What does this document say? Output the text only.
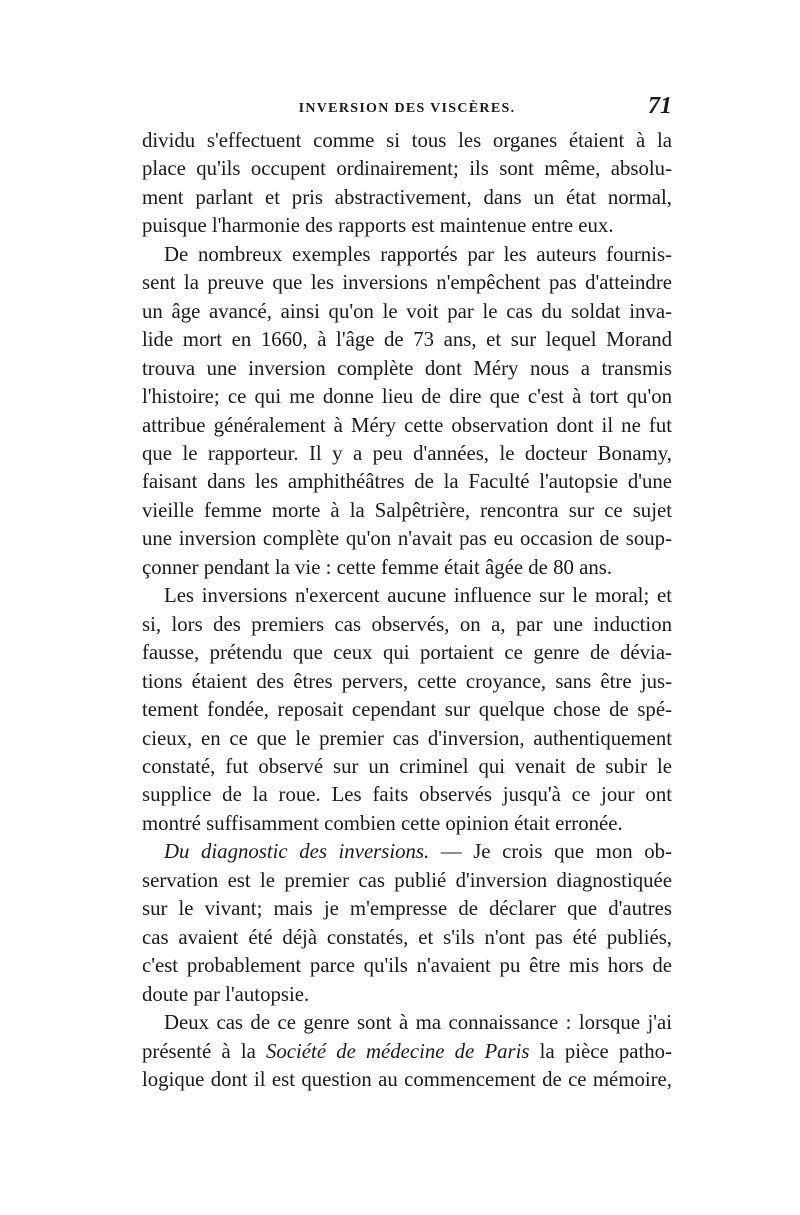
INVERSION DES VISCÈRES.	71
dividu s'effectuent comme si tous les organes étaient à la
place qu'ils occupent ordinairement; ils sont même, absolu-
ment parlant et pris abstractivement, dans un état normal,
puisque l'harmonie des rapports est maintenue entre eux.
De nombreux exemples rapportés par les auteurs fournis-
sent la preuve que les inversions n'empêchent pas d'atteindre
un âge avancé, ainsi qu'on le voit par le cas du soldat inva-
lide mort en 1660, à l'âge de 73 ans, et sur lequel Morand
trouva une inversion complète dont Méry nous a transmis
l'histoire; ce qui me donne lieu de dire que c'est à tort qu'on
attribue généralement à Méry cette observation dont il ne fut
que le rapporteur. Il y a peu d'années, le docteur Bonamy,
faisant dans les amphithéâtres de la Faculté l'autopsie d'une
vieille femme morte à la Salpêtrière, rencontra sur ce sujet
une inversion complète qu'on n'avait pas eu occasion de soup-
çonner pendant la vie : cette femme était âgée de 80 ans.
Les inversions n'exercent aucune influence sur le moral; et
si, lors des premiers cas observés, on a, par une induction
fausse, prétendu que ceux qui portaient ce genre de dévia-
tions étaient des êtres pervers, cette croyance, sans être jus-
tement fondée, reposait cependant sur quelque chose de spé-
cieux, en ce que le premier cas d'inversion, authentiquement
constaté, fut observé sur un criminel qui venait de subir le
supplice de la roue. Les faits observés jusqu'à ce jour ont
montré suffisamment combien cette opinion était erronée.
Du diagnostic des inversions. — Je crois que mon ob-
servation est le premier cas publié d'inversion diagnostiquée
sur le vivant; mais je m'empresse de déclarer que d'autres
cas avaient été déjà constatés, et s'ils n'ont pas été publiés,
c'est probablement parce qu'ils n'avaient pu être mis hors de
doute par l'autopsie.
Deux cas de ce genre sont à ma connaissance : lorsque j'ai
présenté à la Société de médecine de Paris la pièce patho-
logique dont il est question au commencement de ce mémoire,
